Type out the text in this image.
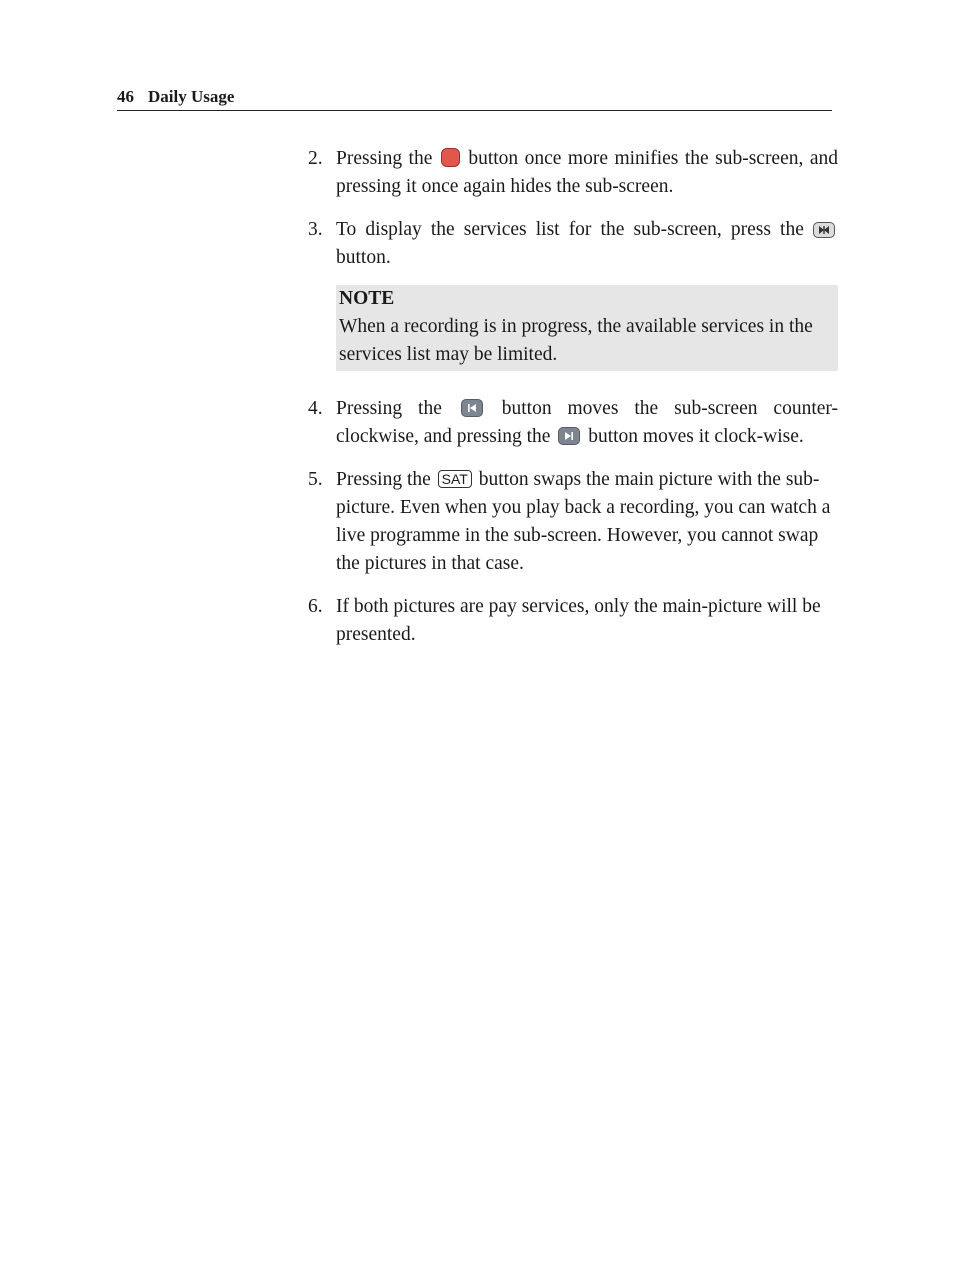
46 Daily Usage
2. Pressing the button once more minifies the sub-screen, and pressing it once again hides the sub-screen.
3. To display the services list for the sub-screen, press the
button.
NOTE
When a recording is in progress, the available services in the services list may be limited.
4. Pressing the	button moves the sub-screen counter-clockwise, and pressing the button moves it clock-wise.
5. Pressing the SAT button swaps the main picture with the sub-picture. Even when you play back a recording, you can watch a live programme in the sub-screen. However, you cannot swap the pictures in that case.
6. If both pictures are pay services, only the main-picture will be presented.
